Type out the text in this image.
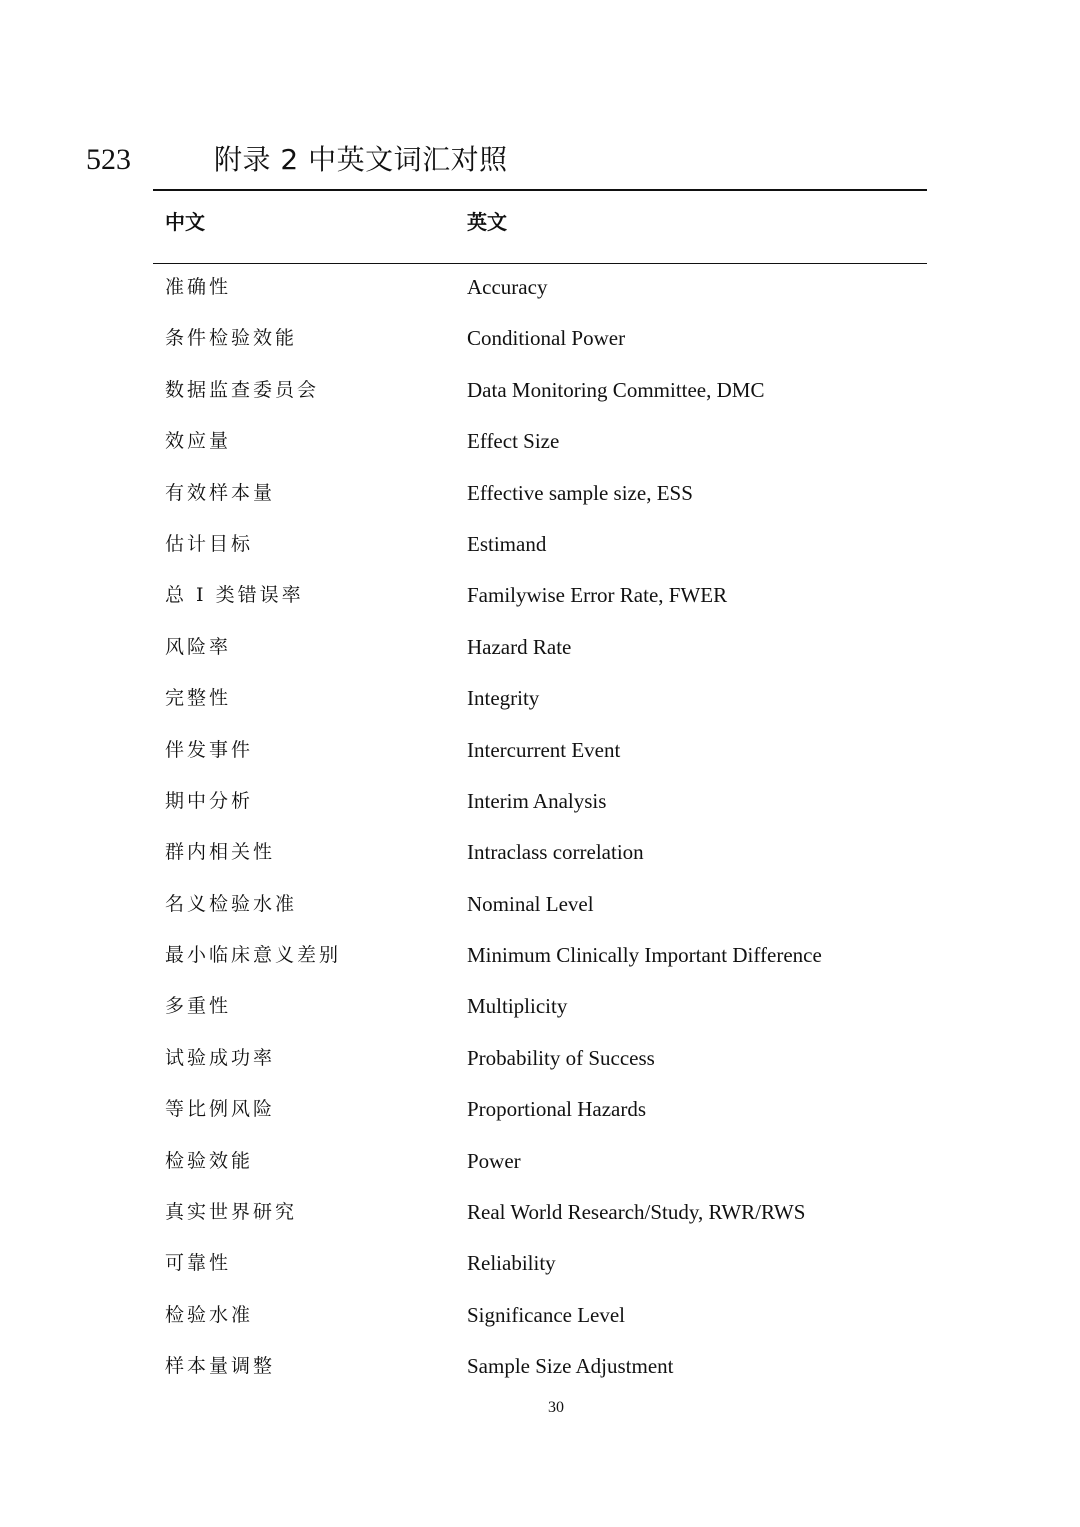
523	附录 2 中英文词汇对照
中文	英文
准确性	Accuracy
条件检验效能	Conditional Power
数据监查委员会	Data Monitoring Committee, DMC
效应量	Effect Size
有效样本量	Effective sample size, ESS
估计目标	Estimand
总 I 类错误率	Familywise Error Rate, FWER
风险率	Hazard Rate
完整性	Integrity
伴发事件	Intercurrent Event
期中分析	Interim Analysis
群内相关性	Intraclass correlation
名义检验水准	Nominal Level
最小临床意义差别	Minimum Clinically Important Difference
多重性	Multiplicity
试验成功率	Probability of Success
等比例风险	Proportional Hazards
检验效能	Power
真实世界研究	Real World Research/Study, RWR/RWS
可靠性	Reliability
检验水准	Significance Level
样本量调整	Sample Size Adjustment
30
